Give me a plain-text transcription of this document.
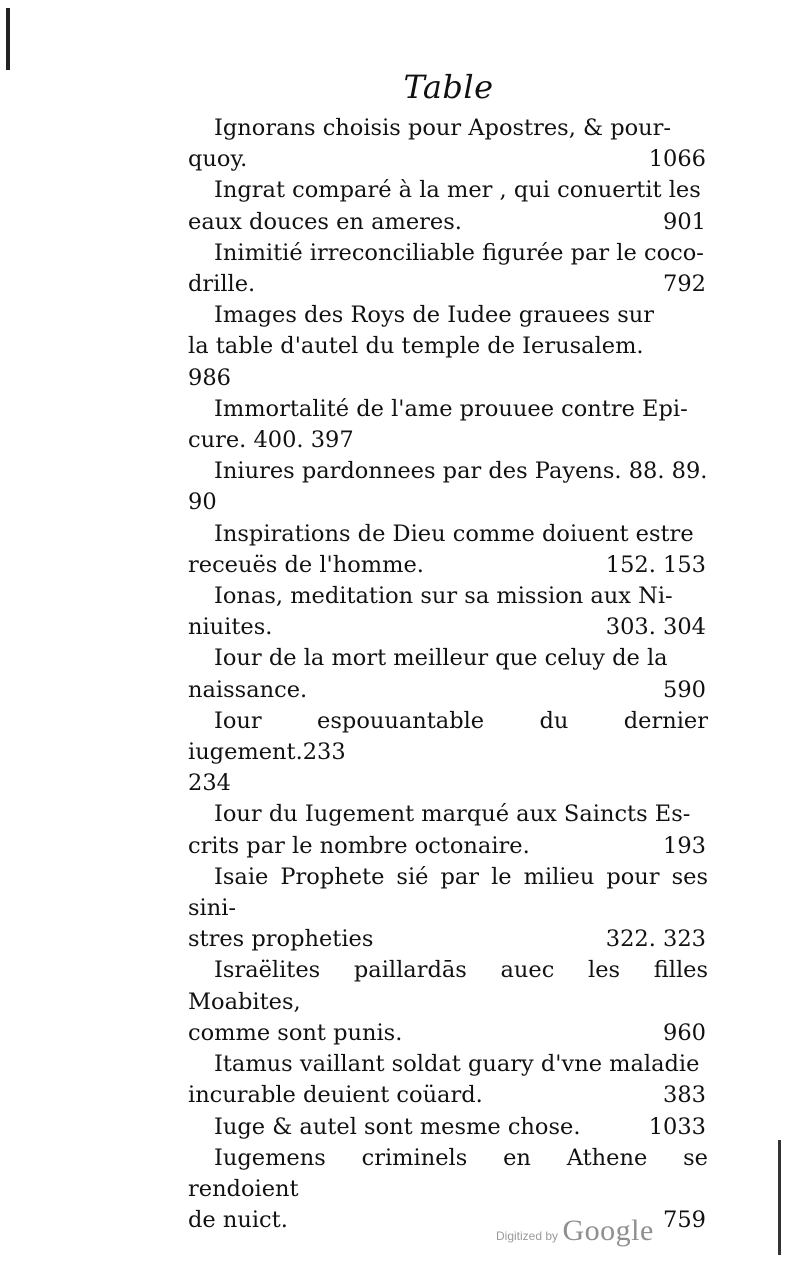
Table
Ignorans choisis pour Apostres, & pour-
quoy.	1066
Ingrat comparé à la mer , qui conuertit les
eaux douces en ameres.	901
Inimitié irreconciliable figurée par le coco-
drille.	792
Images des Roys de Iudee grauees sur
la table d'autel du temple de Ierusalem.
986
Immortalité de l'ame prouuee contre Epi-
cure. 400. 397
Iniures pardonnees par des Payens. 88. 89.
90
Inspirations de Dieu comme doiuent estre
receuës de l'homme.	152. 153
Ionas, meditation sur sa mission aux Ni-
niuites.	303. 304
Iour de la mort meilleur que celuy de la
naissance.	590
Iour espouuantable du dernier iugement.233
234
Iour du Iugement marqué aux Saincts Es-
crits par le nombre octonaire.	193
Isaie Prophete sié par le milieu pour ses sini-
stres propheties	322. 323
Israëlites paillardās auec les filles Moabites,
comme sont punis.	960
Itamus vaillant soldat guary d'vne maladie
incurable deuient coüard.	383
Iuge & autel sont mesme chose.	1033
Iugemens criminels en Athene se rendoient
de nuict.	759
Digitized by Google
